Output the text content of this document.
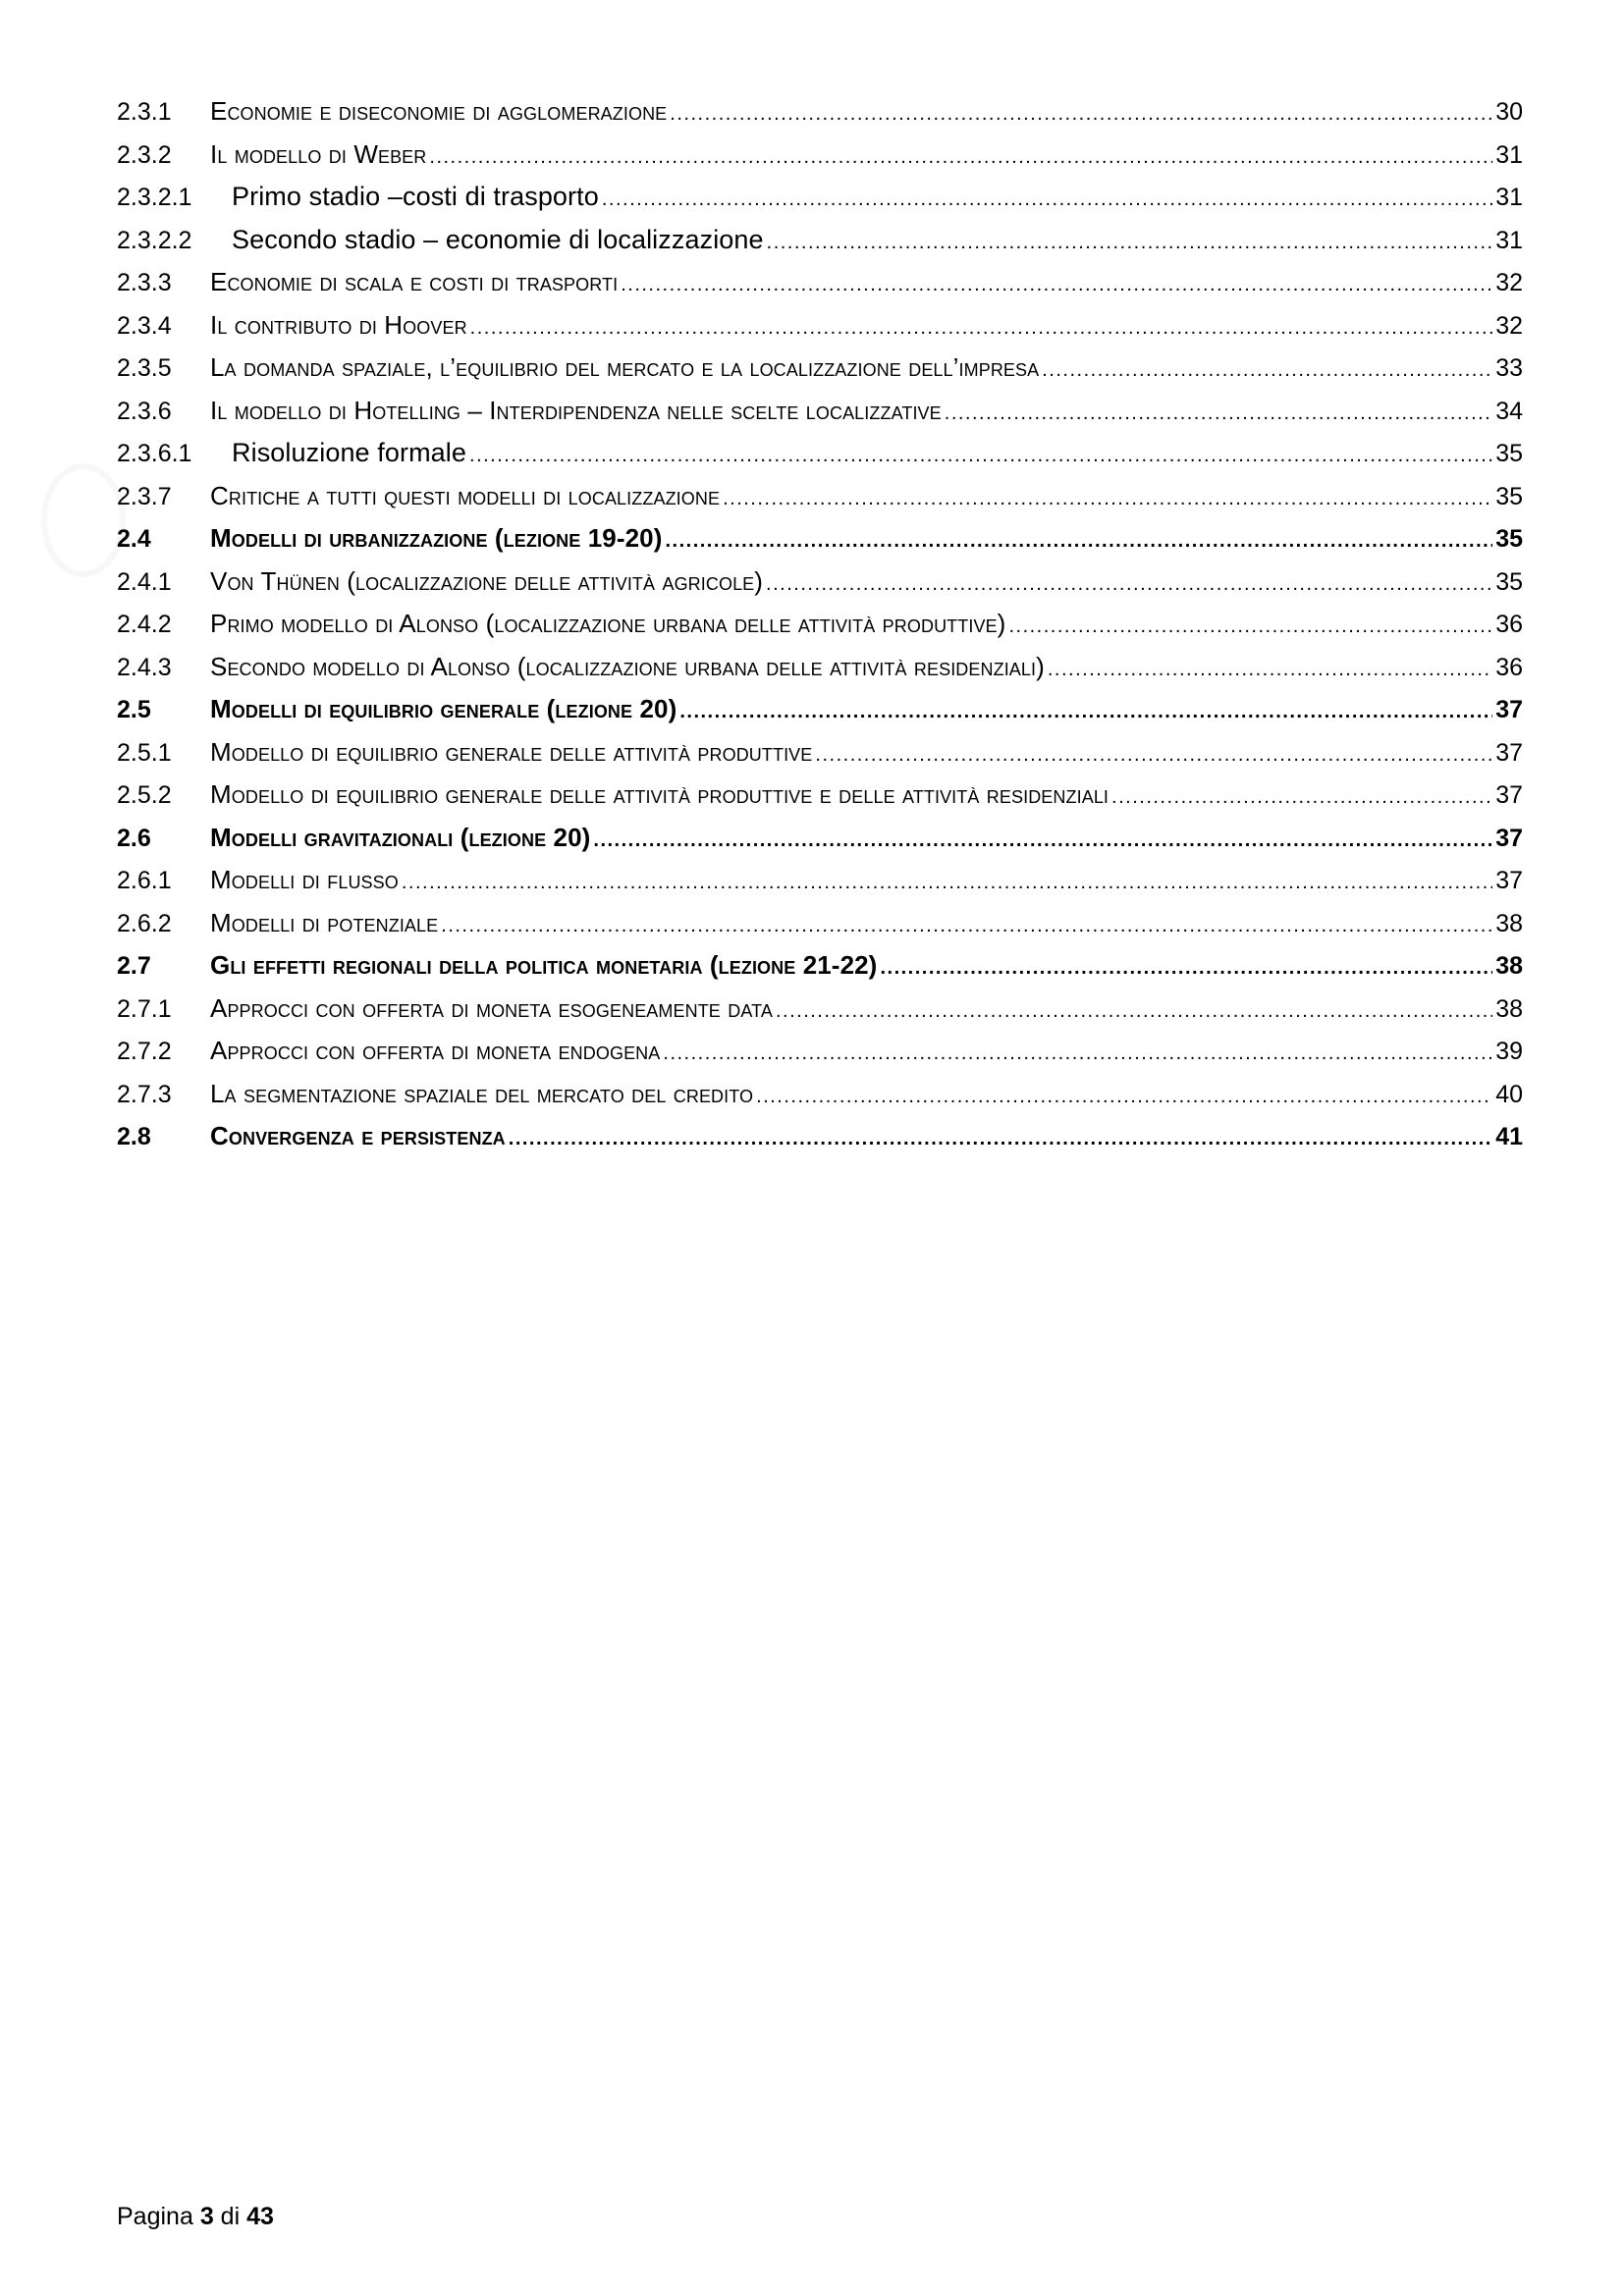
2.3.1	Economie e diseconomie di agglomerazione .....	30
2.3.2	Il modello di Weber .....	31
2.3.2.1	Primo stadio –costi di trasporto .....	31
2.3.2.2	Secondo stadio – economie di localizzazione .....	31
2.3.3	Economie di scala e costi di trasporti .....	32
2.3.4	Il contributo di Hoover .....	32
2.3.5	La domanda spaziale, l’equilibrio del mercato e la localizzazione dell’impresa .....	33
2.3.6	Il modello di Hotelling – Interdipendenza nelle scelte localizzative .....	34
2.3.6.1	Risoluzione formale .....	35
2.3.7	Critiche a tutti questi modelli di localizzazione .....	35
2.4	Modelli di urbanizzazione (lezione 19-20) .....	35
2.4.1	Von Thünen (localizzazione delle attività agricole) .....	35
2.4.2	Primo modello di Alonso (localizzazione urbana delle attività produttive) .....	36
2.4.3	Secondo modello di Alonso (localizzazione urbana delle attività residenziali) .....	36
2.5	Modelli di equilibrio generale (lezione 20) .....	37
2.5.1	Modello di equilibrio generale delle attività produttive .....	37
2.5.2	Modello di equilibrio generale delle attività produttive e delle attività residenziali .....	37
2.6	Modelli gravitazionali (lezione 20) .....	37
2.6.1	Modelli di flusso .....	37
2.6.2	Modelli di potenziale .....	38
2.7	Gli effetti regionali della politica monetaria (lezione 21-22) .....	38
2.7.1	Approcci con offerta di moneta esogeneamente data .....	38
2.7.2	Approcci con offerta di moneta endogena .....	39
2.7.3	La segmentazione spaziale del mercato del credito .....	40
2.8	Convergenza e persistenza .....	41
Pagina 3 di 43
